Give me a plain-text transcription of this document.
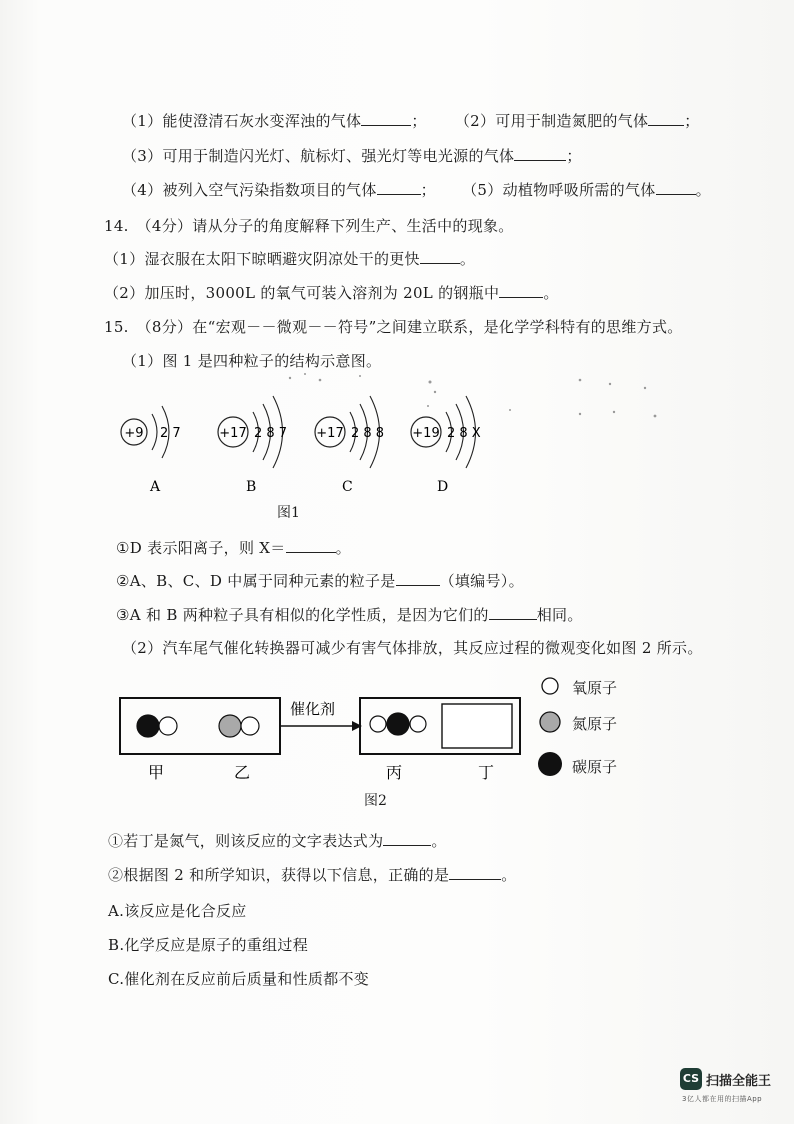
（1）能使澄清石灰水变浑浊的气体	； （2）可用于制造氮肥的气体 ；
（3）可用于制造闪光灯、航标灯、强光灯等电光源的气体	；
（4）被列入空气污染指数项目的气体	； （5）动植物呼吸所需的气体	。
14.　（4分）请从分子的角度解释下列生产、生活中的现象。
（1）湿衣服在太阳下晾晒避灾阴凉处干的更快	。
（2）加压时，3000L 的氧气可装入溶剂为 20L 的钢瓶中	。
15.　（8分）在“宏观－－微观－－符号”之间建立联系，是化学学科特有的思维方式。
（1）图 1 是四种粒子的结构示意图。
+9 2 7
A
+17 2 8 7
B
+17 2 8 8
C
+19 2 8 X
D
图1
①D 表示阳离子，则 X＝	。
②A、B、C、D 中属于同种元素的粒子是	（填编号）。
③A 和 B 两种粒子具有相似的化学性质，是因为它们的	相同。
（2）汽车尾气催化转换器可减少有害气体排放，其反应过程的微观变化如图 2 所示。
催化剂
甲	乙	丙	丁
氧原子
氮原子
碳原子
图2
①若丁是氮气，则该反应的文字表达式为	。
②根据图 2 和所学知识，获得以下信息，正确的是	。
A.该反应是化合反应
B.化学反应是原子的重组过程
C.催化剂在反应前后质量和性质都不变
CS 扫描全能王
3亿人都在用的扫描App
